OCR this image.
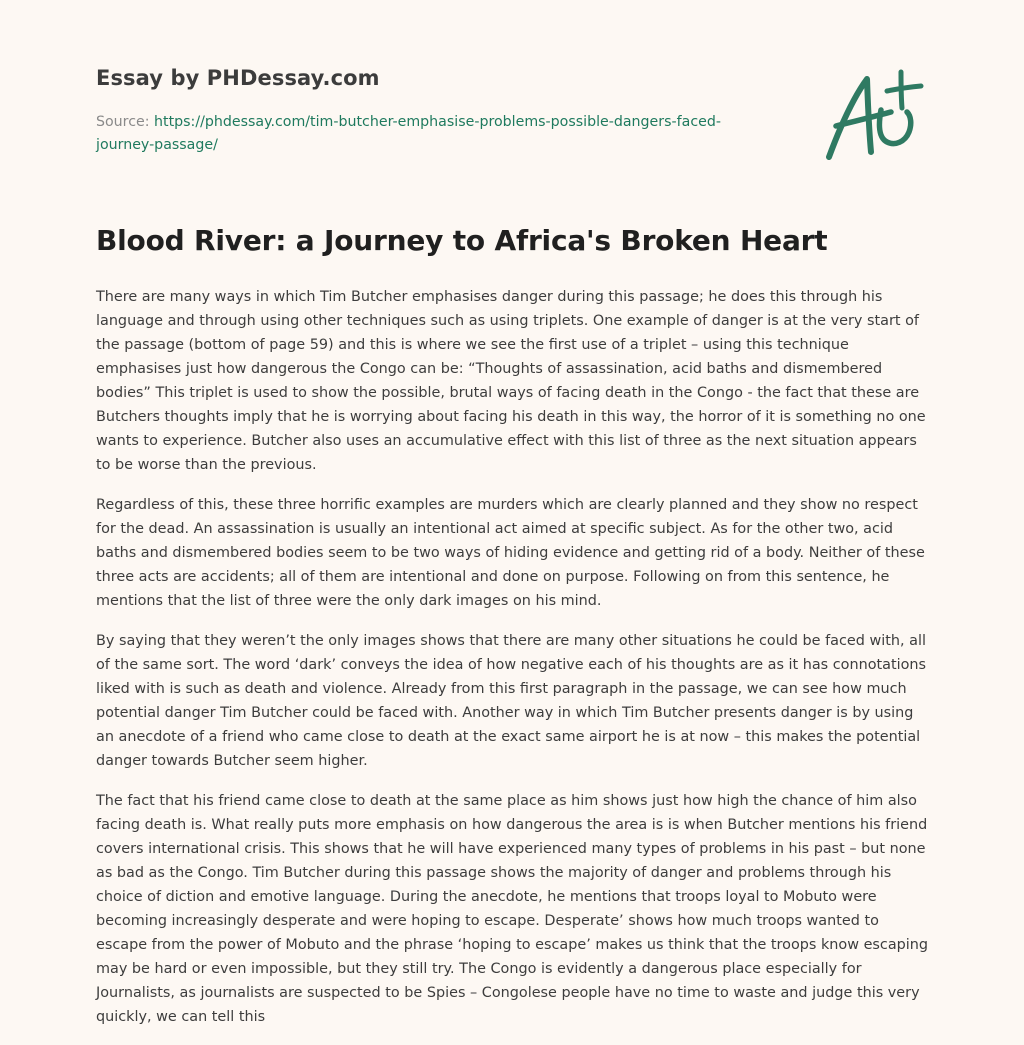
Essay by PHDessay.com
Source: https://phdessay.com/tim-butcher-emphasise-problems-possible-dangers-faced-journey-passage/
Blood River: a Journey to Africa's Broken Heart

There are many ways in which Tim Butcher emphasises danger during this passage; he does this through his language and through using other techniques such as using triplets. One example of danger is at the very start of the passage (bottom of page 59) and this is where we see the first use of a triplet – using this technique emphasises just how dangerous the Congo can be: “Thoughts of assassination, acid baths and dismembered bodies” This triplet is used to show the possible, brutal ways of facing death in the Congo - the fact that these are Butchers thoughts imply that he is worrying about facing his death in this way, the horror of it is something no one wants to experience. Butcher also uses an accumulative effect with this list of three as the next situation appears to be worse than the previous.

Regardless of this, these three horrific examples are murders which are clearly planned and they show no respect for the dead. An assassination is usually an intentional act aimed at specific subject. As for the other two, acid baths and dismembered bodies seem to be two ways of hiding evidence and getting rid of a body. Neither of these three acts are accidents; all of them are intentional and done on purpose. Following on from this sentence, he mentions that the list of three were the only dark images on his mind.

By saying that they weren’t the only images shows that there are many other situations he could be faced with, all of the same sort. The word ‘dark’ conveys the idea of how negative each of his thoughts are as it has connotations liked with is such as death and violence. Already from this first paragraph in the passage, we can see how much potential danger Tim Butcher could be faced with. Another way in which Tim Butcher presents danger is by using an anecdote of a friend who came close to death at the exact same airport he is at now – this makes the potential danger towards Butcher seem higher.

The fact that his friend came close to death at the same place as him shows just how high the chance of him also facing death is. What really puts more emphasis on how dangerous the area is is when Butcher mentions his friend covers international crisis. This shows that he will have experienced many types of problems in his past – but none as bad as the Congo. Tim Butcher during this passage shows the majority of danger and problems through his choice of diction and emotive language. During the anecdote, he mentions that troops loyal to Mobuto were becoming increasingly desperate and were hoping to escape. Desperate’ shows how much troops wanted to escape from the power of Mobuto and the phrase ‘hoping to escape’ makes us think that the troops know escaping may be hard or even impossible, but they still try. The Congo is evidently a dangerous place especially for Journalists, as journalists are suspected to be Spies – Congolese people have no time to waste and judge this very quickly, we can tell this
